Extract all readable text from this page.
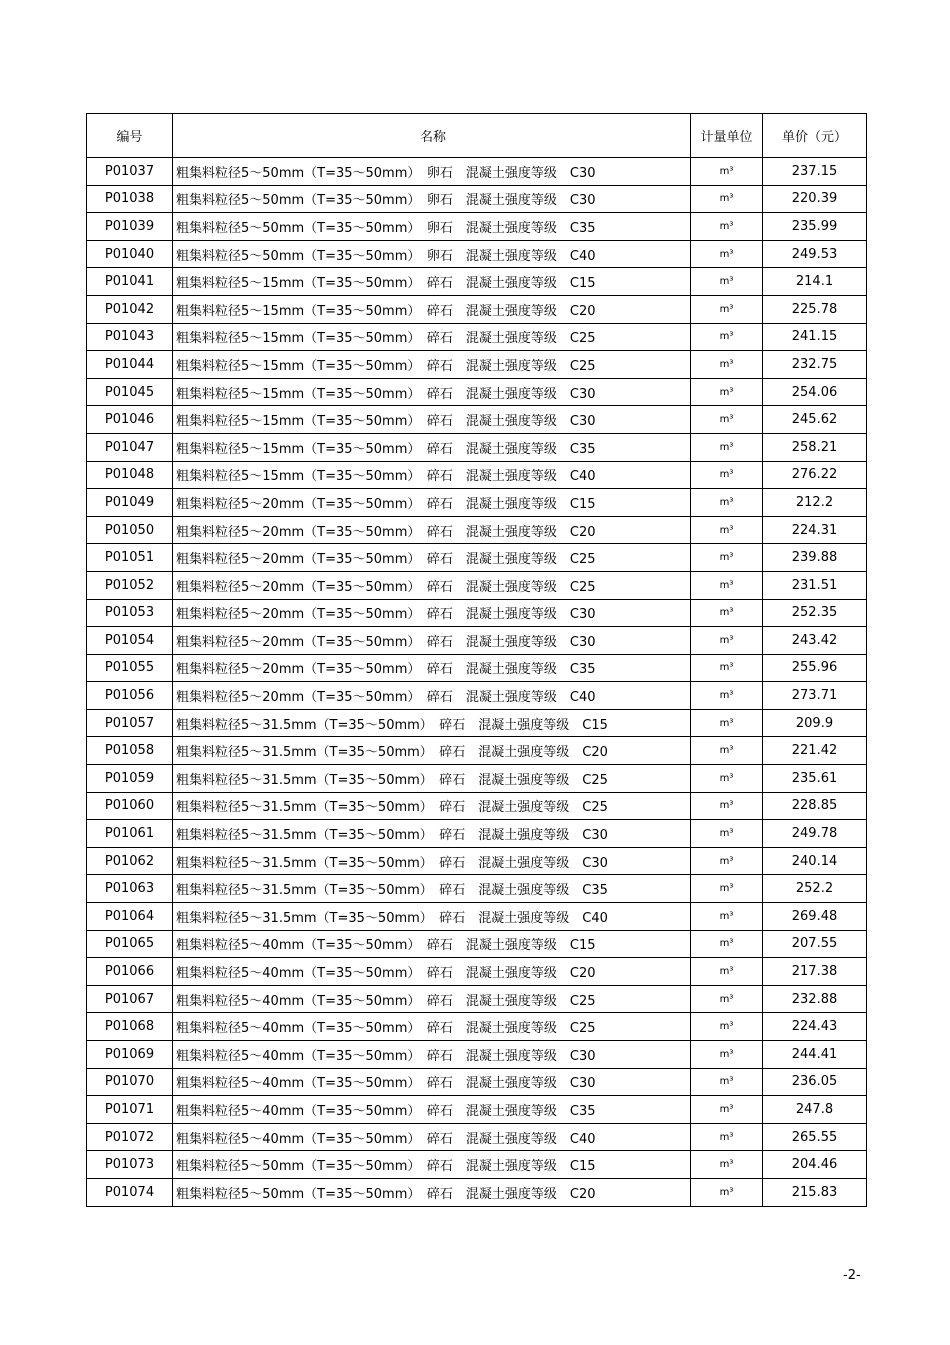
编号	名称	计量单位	单价（元）
P01037	粗集料粒径5～50mm（T=35～50mm）　卵石　混凝土强度等级　C30	m³	237.15
P01038	粗集料粒径5～50mm（T=35～50mm）　卵石　混凝土强度等级　C30	m³	220.39
P01039	粗集料粒径5～50mm（T=35～50mm）　卵石　混凝土强度等级　C35	m³	235.99
P01040	粗集料粒径5～50mm（T=35～50mm）　卵石　混凝土强度等级　C40	m³	249.53
P01041	粗集料粒径5～15mm（T=35～50mm）　碎石　混凝土强度等级　C15	m³	214.1
P01042	粗集料粒径5～15mm（T=35～50mm）　碎石　混凝土强度等级　C20	m³	225.78
P01043	粗集料粒径5～15mm（T=35～50mm）　碎石　混凝土强度等级　C25	m³	241.15
P01044	粗集料粒径5～15mm（T=35～50mm）　碎石　混凝土强度等级　C25	m³	232.75
P01045	粗集料粒径5～15mm（T=35～50mm）　碎石　混凝土强度等级　C30	m³	254.06
P01046	粗集料粒径5～15mm（T=35～50mm）　碎石　混凝土强度等级　C30	m³	245.62
P01047	粗集料粒径5～15mm（T=35～50mm）　碎石　混凝土强度等级　C35	m³	258.21
P01048	粗集料粒径5～15mm（T=35～50mm）　碎石　混凝土强度等级　C40	m³	276.22
P01049	粗集料粒径5～20mm（T=35～50mm）　碎石　混凝土强度等级　C15	m³	212.2
P01050	粗集料粒径5～20mm（T=35～50mm）　碎石　混凝土强度等级　C20	m³	224.31
P01051	粗集料粒径5～20mm（T=35～50mm）　碎石　混凝土强度等级　C25	m³	239.88
P01052	粗集料粒径5～20mm（T=35～50mm）　碎石　混凝土强度等级　C25	m³	231.51
P01053	粗集料粒径5～20mm（T=35～50mm）　碎石　混凝土强度等级　C30	m³	252.35
P01054	粗集料粒径5～20mm（T=35～50mm）　碎石　混凝土强度等级　C30	m³	243.42
P01055	粗集料粒径5～20mm（T=35～50mm）　碎石　混凝土强度等级　C35	m³	255.96
P01056	粗集料粒径5～20mm（T=35～50mm）　碎石　混凝土强度等级　C40	m³	273.71
P01057	粗集料粒径5～31.5mm（T=35～50mm）　碎石　混凝土强度等级　C15	m³	209.9
P01058	粗集料粒径5～31.5mm（T=35～50mm）　碎石　混凝土强度等级　C20	m³	221.42
P01059	粗集料粒径5～31.5mm（T=35～50mm）　碎石　混凝土强度等级　C25	m³	235.61
P01060	粗集料粒径5～31.5mm（T=35～50mm）　碎石　混凝土强度等级　C25	m³	228.85
P01061	粗集料粒径5～31.5mm（T=35～50mm）　碎石　混凝土强度等级　C30	m³	249.78
P01062	粗集料粒径5～31.5mm（T=35～50mm）　碎石　混凝土强度等级　C30	m³	240.14
P01063	粗集料粒径5～31.5mm（T=35～50mm）　碎石　混凝土强度等级　C35	m³	252.2
P01064	粗集料粒径5～31.5mm（T=35～50mm）　碎石　混凝土强度等级　C40	m³	269.48
P01065	粗集料粒径5～40mm（T=35～50mm）　碎石　混凝土强度等级　C15	m³	207.55
P01066	粗集料粒径5～40mm（T=35～50mm）　碎石　混凝土强度等级　C20	m³	217.38
P01067	粗集料粒径5～40mm（T=35～50mm）　碎石　混凝土强度等级　C25	m³	232.88
P01068	粗集料粒径5～40mm（T=35～50mm）　碎石　混凝土强度等级　C25	m³	224.43
P01069	粗集料粒径5～40mm（T=35～50mm）　碎石　混凝土强度等级　C30	m³	244.41
P01070	粗集料粒径5～40mm（T=35～50mm）　碎石　混凝土强度等级　C30	m³	236.05
P01071	粗集料粒径5～40mm（T=35～50mm）　碎石　混凝土强度等级　C35	m³	247.8
P01072	粗集料粒径5～40mm（T=35～50mm）　碎石　混凝土强度等级　C40	m³	265.55
P01073	粗集料粒径5～50mm（T=35～50mm）　碎石　混凝土强度等级　C15	m³	204.46
P01074	粗集料粒径5～50mm（T=35～50mm）　碎石　混凝土强度等级　C20	m³	215.83
-2-
